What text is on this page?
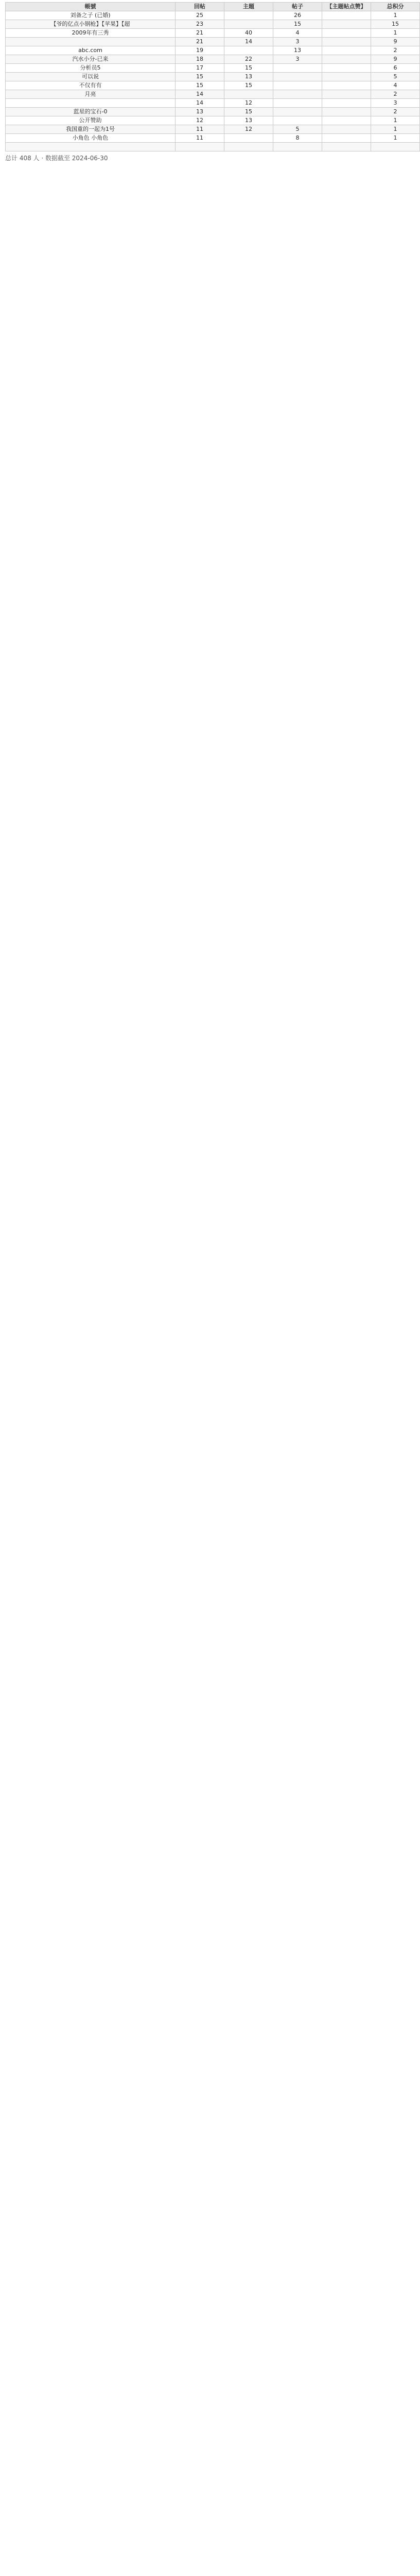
帳號	回帖	主題	帖子	【主题帖点赞】	总积分
刘备之子 (已婚)	25		26		1
【爷的亿点小钢枪】【苹果】【超	23		15		15
2009年有三秀	21	40	4		1
	21	14	3		9
abc.com	19		13		2
汽水小分-已来	18	22	3		9
分析员5	17	15			6
可以说	15	13			5
不仅有有	15	15			4
月亮	14				2
	14	12			3
蓝星的宝石-0	13	15			2
公开赞助	12	13			1
我国重的一起为1号	11	12	5		1
小角色 小角色	11		8		1

总计 408 人 · 数据截至 2024-06-30
